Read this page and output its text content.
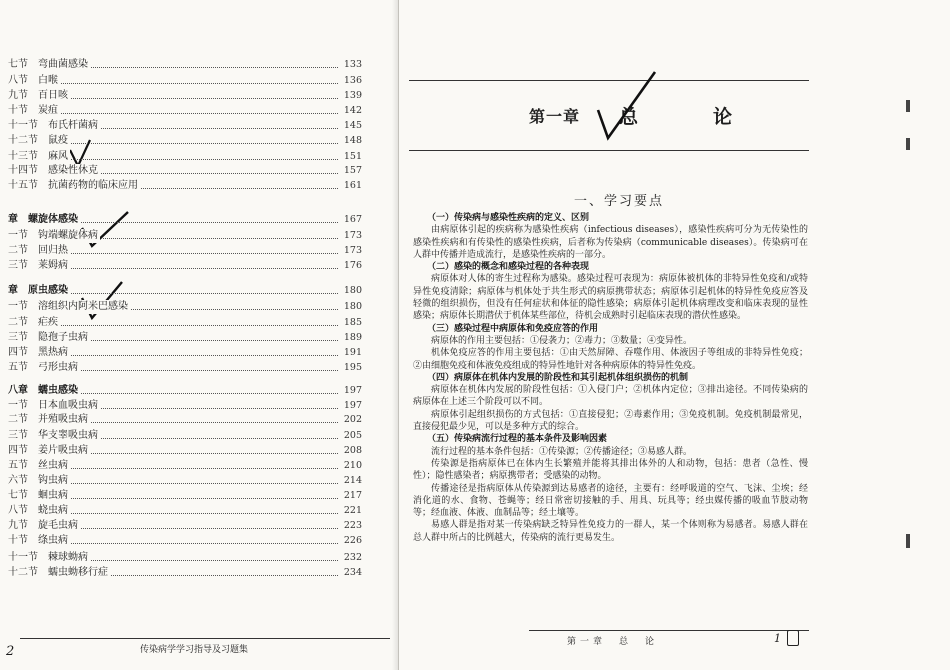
七节　弯曲菌感染	133
八节　白喉	136
九节　百日咳	139
十节　炭疽	142
十一节　布氏杆菌病	145
十二节　鼠疫	148
十三节　麻风	151
十四节　感染性休克	157
十五节　抗菌药物的临床应用	161
章　螺旋体感染	167
一节　钩端螺旋体病	173
二节　回归热	173
三节　莱姆病	176
章　原虫感染	180
一节　溶组织内阿米巴感染	180
二节　疟疾	185
三节　隐孢子虫病	189
四节　黑热病	191
五节　弓形虫病	195
八章　蠕虫感染	197
一节　日本血吸虫病	197
二节　并殖吸虫病	202
三节　华支睾吸虫病	205
四节　姜片吸虫病	208
五节　丝虫病	210
六节　钩虫病	214
七节　蛔虫病	217
八节　蛲虫病	221
九节　旋毛虫病	223
十节　绦虫病	226
十一节　棘球蚴病	232
十二节　蠕虫蚴移行症	234
2	传染病学学习指导及习题集
第一章 总　论
一、学习要点

（一）传染病与感染性疾病的定义、区别

由病原体引起的疾病称为感染性疾病（infectious diseases），感染性疾病可分为无传染性的感染性疾病和有传染性的感染性疾病，后者称为传染病（communicable diseases）。传染病可在人群中传播并造成流行，是感染性疾病的一部分。

（二）感染的概念和感染过程的各种表现

病原体对人体的寄生过程称为感染。感染过程可表现为：病原体被机体的非特异性免疫和/或特异性免疫清除；病原体与机体处于共生形式的病原携带状态；病原体引起机体的特异性免疫应答及轻微的组织损伤，但没有任何症状和体征的隐性感染；病原体引起机体病理改变和临床表现的显性感染；病原体长期潜伏于机体某些部位，待机会成熟时引起临床表现的潜伏性感染。

（三）感染过程中病原体和免疫应答的作用

病原体的作用主要包括：①侵袭力；②毒力；③数量；④变异性。

机体免疫应答的作用主要包括：①由天然屏障、吞噬作用、体液因子等组成的非特异性免疫；②由细胞免疫和体液免疫组成的特异性地针对各种病原体的特异性免疫。

（四）病原体在机体内发展的阶段性和其引起机体组织损伤的机制

病原体在机体内发展的阶段性包括：①入侵门户；②机体内定位；③排出途径。不同传染病的病原体在上述三个阶段可以不同。

病原体引起组织损伤的方式包括：①直接侵犯；②毒素作用；③免疫机制。免疫机制最常见，直接侵犯最少见，可以是多种方式的综合。

（五）传染病流行过程的基本条件及影响因素

流行过程的基本条件包括：①传染源；②传播途径；③易感人群。

传染源是指病原体已在体内生长繁殖并能将其排出体外的人和动物，包括：患者（急性、慢性）；隐性感染者；病原携带者；受感染的动物。

传播途径是指病原体从传染源到达易感者的途径，主要有：经呼吸道的空气、飞沫、尘埃；经消化道的水、食物、苍蝇等；经日常密切接触的手、用具、玩具等；经虫媒传播的吸血节肢动物等；经血液、体液、血制品等；经土壤等。

易感人群是指对某一传染病缺乏特异性免疫力的一群人，某一个体则称为易感者。易感人群在总人群中所占的比例越大，传染病的流行更易发生。

第一章　总　论	1
